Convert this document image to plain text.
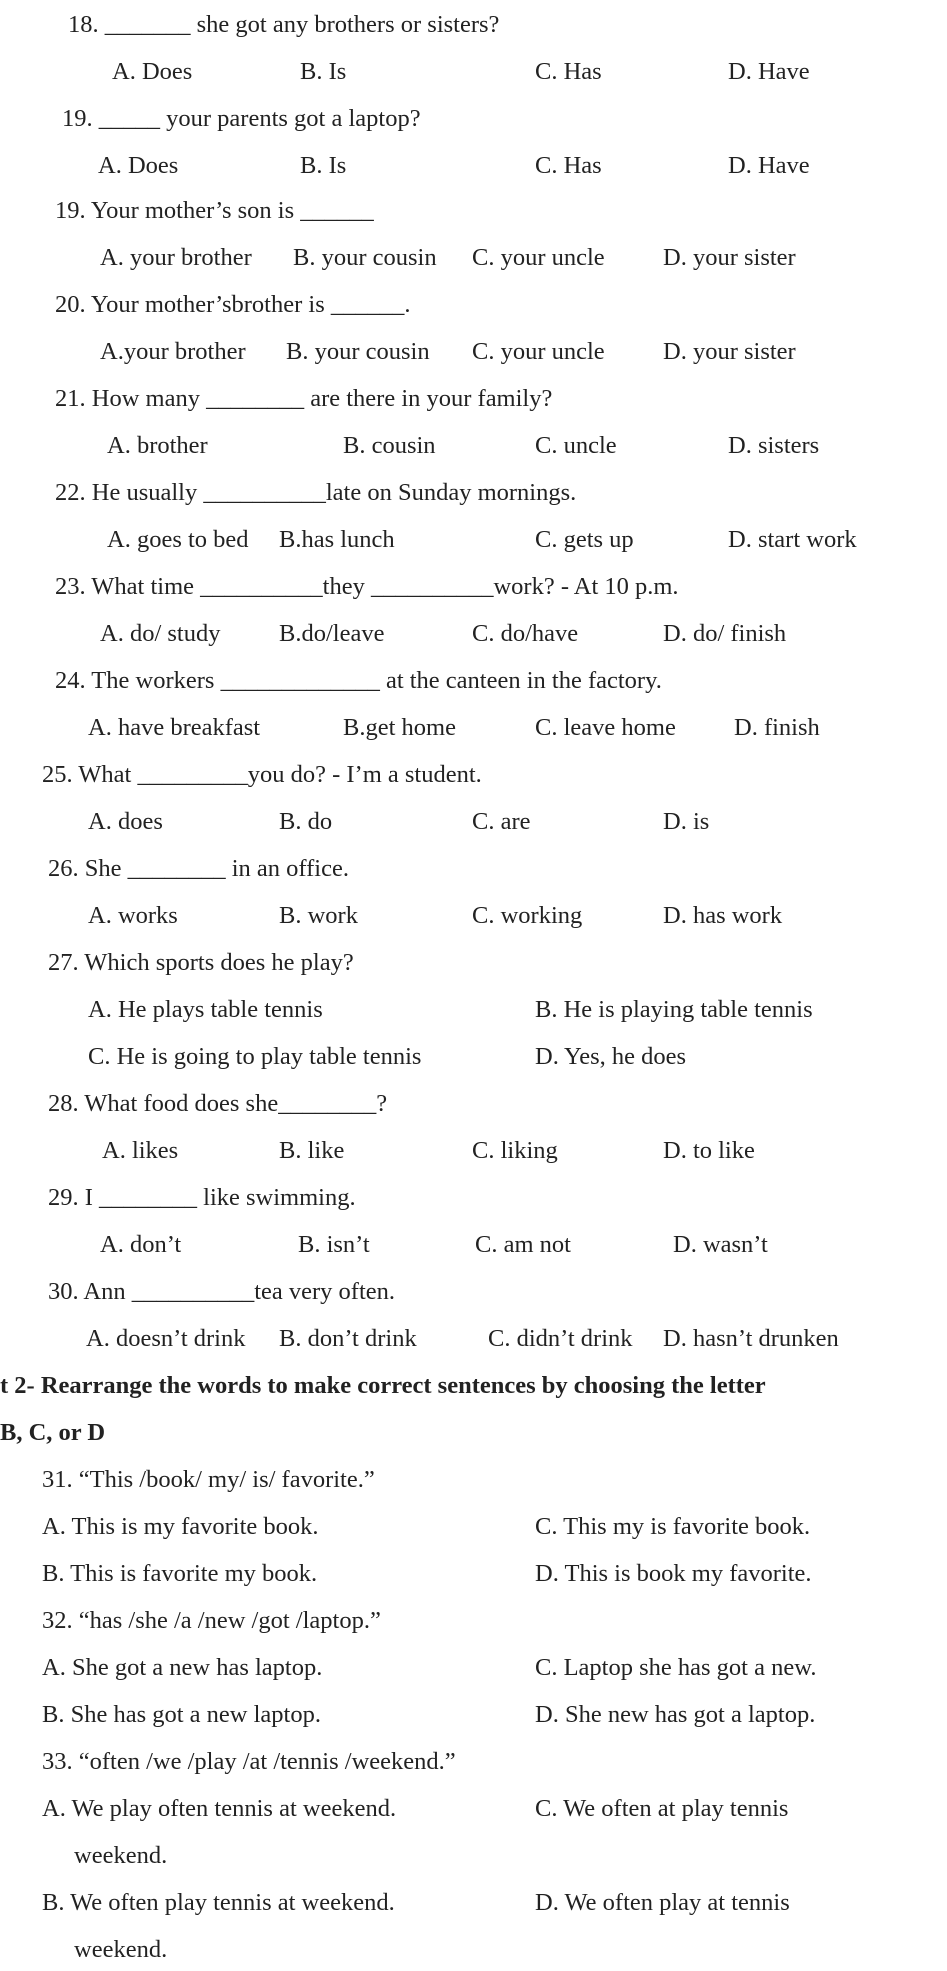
18. _______ she got any brothers or sisters?
A. Does	B. Is	C. Has	D. Have
19. _____ your parents got a laptop?
A. Does	B. Is	C. Has	D. Have
19. Your mother’s son is ______
A. your brother B. your cousin C. your uncle D. your sister
20. Your mother’sbrother is ______.
A.your brother B. your cousin C. your uncle D. your sister
21. How many ________ are there in your family?
A. brother	B. cousin	C. uncle	D. sisters
22. He usually __________late on Sunday mornings.
A. goes to bed B.has lunch	C. gets up	D. start work
23. What time __________they __________work? - At 10 p.m.
A. do/ study B.do/leave	C. do/have	D. do/ finish
24. The workers _____________ at the canteen in the factory.
A. have breakfast	B.get home	C. leave home D. finish
25. What _________you do? - I’m a student.
A. does	B. do	C. are	D. is
26. She ________ in an office.
A. works	B. work	C. working	D. has work
27. Which sports does he play?
A. He plays table tennis	B. He is playing table tennis
C. He is going to play table tennis	D. Yes, he does
28. What food does she________?
A. likes	B. like	C. liking	D. to like
29. I ________ like swimming.
A. don’t	B. isn’t	C. am not	D. wasn’t
30. Ann __________tea very often.
A. doesn’t drink B. don’t drink	C. didn’t drink D. hasn’t drunken
t 2- Rearrange the words to make correct sentences by choosing the letter
B, C, or D
31. “This /book/ my/ is/ favorite.”
A. This is my favorite book.	C. This my is favorite book.
B. This is favorite my book.	D. This is book my favorite.
32. “has /she /a /new /got /laptop.”
A. She got a new has laptop.	C. Laptop she has got a new.
B. She has got a new laptop.	D. She new has got a laptop.
33. “often /we /play /at /tennis /weekend.”
A. We play often tennis at weekend.	C. We often at play tennis
weekend.
B. We often play tennis at weekend.	D. We often play at tennis
weekend.
